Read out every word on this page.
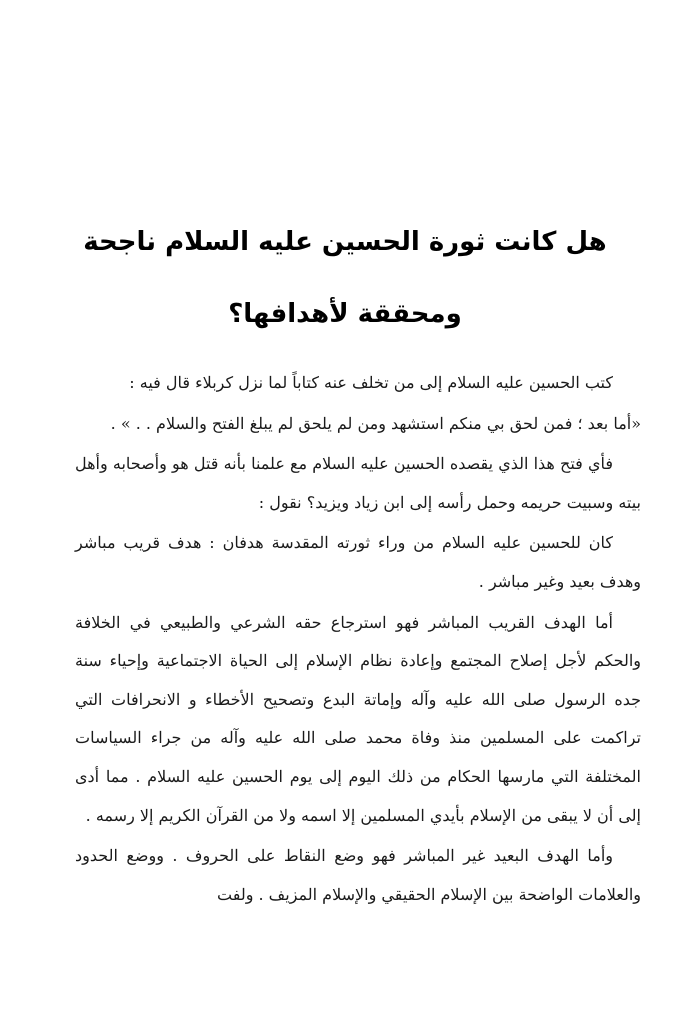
هل كانت ثورة الحسين عليه السلام ناجحة
ومحققة لأهدافها؟

كتب الحسين عليه السلام إلى من تخلف عنه كتاباً لما نزل كربلاء قال فيه :

«أما بعد ؛ فمن لحق بي منكم استشهد ومن لم يلحق لم يبلغ الفتح والسلام . . » .

فأي فتح هذا الذي يقصده الحسين عليه السلام مع علمنا بأنه قتل هو وأصحابه وأهل بيته وسبيت حريمه وحمل رأسه إلى ابن زياد ويزيد؟ نقول :

كان للحسين عليه السلام من وراء ثورته المقدسة هدفان : هدف قريب مباشر وهدف بعيد وغير مباشر .

أما الهدف القريب المباشر فهو استرجاع حقه الشرعي والطبيعي في الخلافة والحكم لأجل إصلاح المجتمع وإعادة نظام الإسلام إلى الحياة الاجتماعية وإحياء سنة جده الرسول صلى الله عليه وآله وإماتة البدع وتصحيح الأخطاء و الانحرافات التي تراكمت على المسلمين منذ وفاة محمد صلى الله عليه وآله من جراء السياسات المختلفة التي مارسها الحكام من ذلك اليوم إلى يوم الحسين عليه السلام . مما أدى إلى أن لا يبقى من الإسلام بأيدي المسلمين إلا اسمه ولا من القرآن الكريم إلا رسمه .

وأما الهدف البعيد غير المباشر فهو وضع النقاط على الحروف . ووضع الحدود والعلامات الواضحة بين الإسلام الحقيقي والإسلام المزيف . ولفت
